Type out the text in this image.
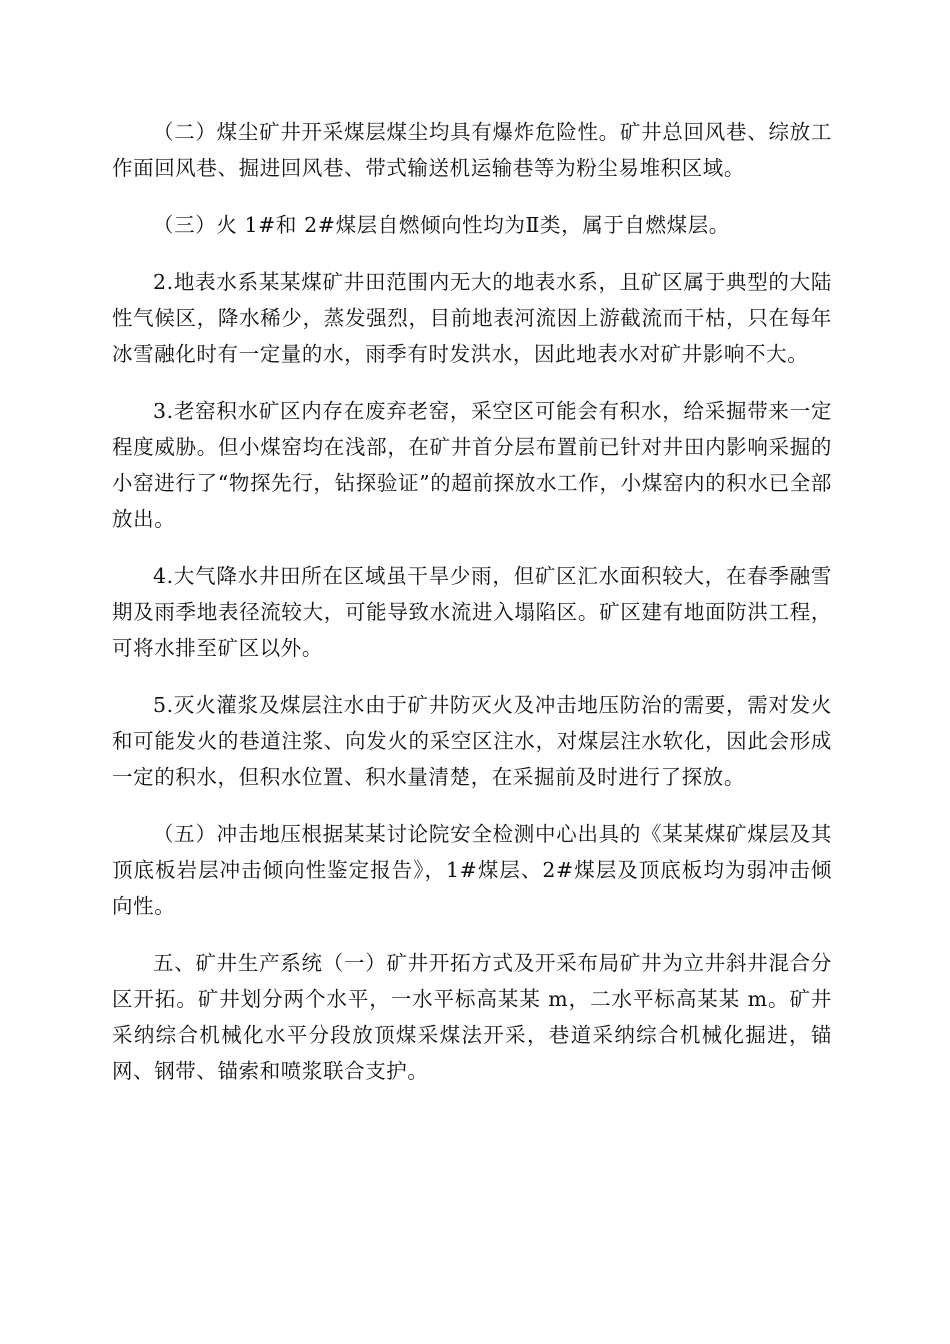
（二）煤尘矿井开采煤层煤尘均具有爆炸危险性。矿井总回风巷、综放工作面回风巷、掘进回风巷、带式输送机运输巷等为粉尘易堆积区域。

（三）火 1#和 2#煤层自燃倾向性均为Ⅱ类，属于自燃煤层。

2.地表水系某某煤矿井田范围内无大的地表水系，且矿区属于典型的大陆性气候区，降水稀少，蒸发强烈，目前地表河流因上游截流而干枯，只在每年冰雪融化时有一定量的水，雨季有时发洪水，因此地表水对矿井影响不大。

3.老窑积水矿区内存在废弃老窑，采空区可能会有积水，给采掘带来一定程度威胁。但小煤窑均在浅部，在矿井首分层布置前已针对井田内影响采掘的小窑进行了“物探先行，钻探验证”的超前探放水工作，小煤窑内的积水已全部放出。

4.大气降水井田所在区域虽干旱少雨，但矿区汇水面积较大，在春季融雪期及雨季地表径流较大，可能导致水流进入塌陷区。矿区建有地面防洪工程，可将水排至矿区以外。

5.灭火灌浆及煤层注水由于矿井防灭火及冲击地压防治的需要，需对发火和可能发火的巷道注浆、向发火的采空区注水，对煤层注水软化，因此会形成一定的积水，但积水位置、积水量清楚，在采掘前及时进行了探放。

（五）冲击地压根据某某讨论院安全检测中心出具的《某某煤矿煤层及其顶底板岩层冲击倾向性鉴定报告》，1#煤层、2#煤层及顶底板均为弱冲击倾向性。

五、矿井生产系统（一）矿井开拓方式及开采布局矿井为立井斜井混合分区开拓。矿井划分两个水平，一水平标高某某 m，二水平标高某某 m。矿井采纳综合机械化水平分段放顶煤采煤法开采，巷道采纳综合机械化掘进，锚网、钢带、锚索和喷浆联合支护。
